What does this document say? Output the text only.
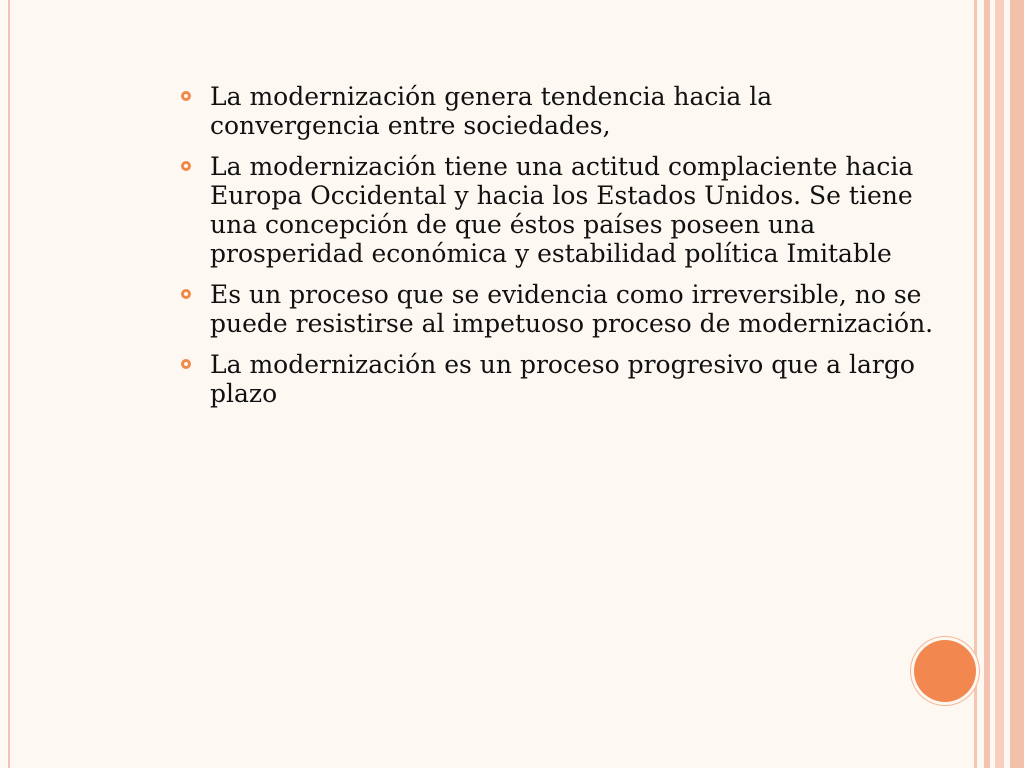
La modernización genera tendencia hacia la convergencia entre sociedades,
La modernización tiene una actitud complaciente hacia Europa Occidental y hacia los Estados Unidos. Se tiene una concepción de que éstos países poseen una prosperidad económica y estabilidad política Imitable
Es un proceso que se evidencia como irreversible, no se puede resistirse al impetuoso proceso de modernización.
La modernización es un proceso progresivo que a largo plazo
